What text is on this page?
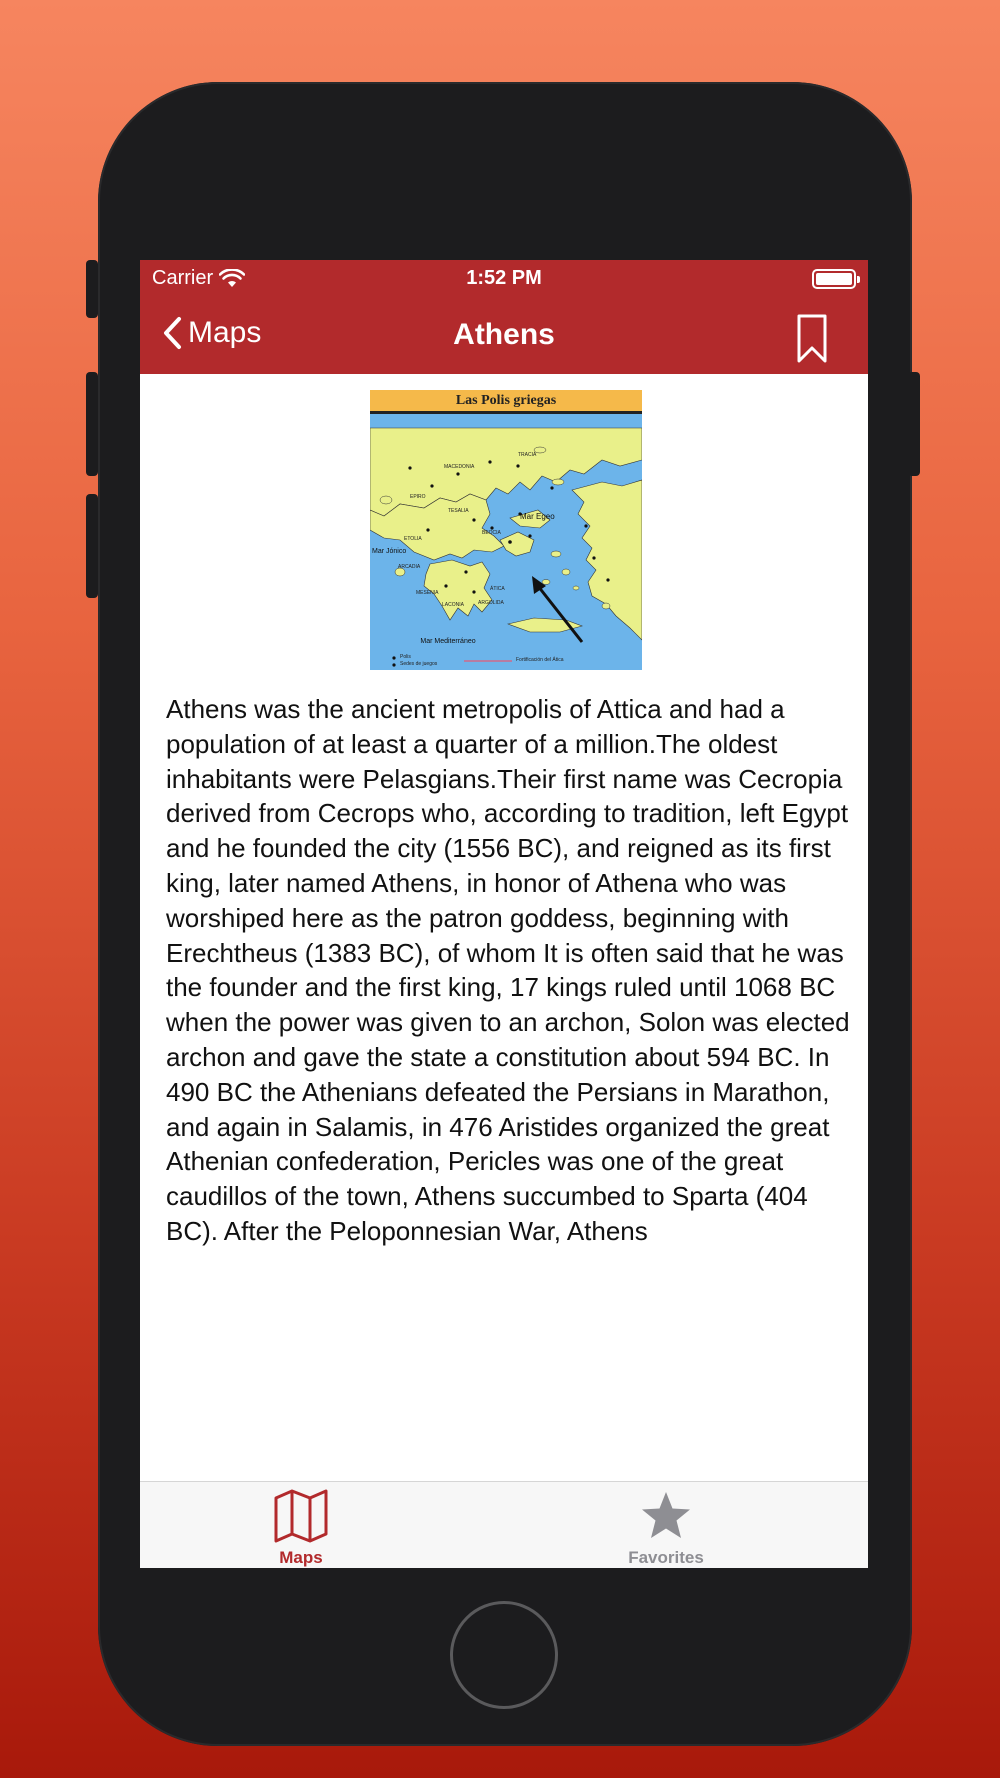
Carrier	1:52 PM
Maps	Athens
Las Polis griegas
Mar Egeo
Mar Jónico
Mar Mediterráneo
MACEDONIA
TRACIA
EPIRO
TESALIA
ETOLIA
BEOCIA
ARCADIA
ÁTICA
ARGOLIDA
LACONIA
MESENIA
Polis
Sedes de juegos
Fortificación del Ática
Athens was the ancient metropolis of Attica and had a population of at least a quarter of a million.The oldest inhabitants were Pelasgians.Their first name was Cecropia derived from Cecrops who, according to tradition, left Egypt and he founded the city (1556 BC), and reigned as its first king, later named Athens, in honor of Athena who was worshiped here as the patron goddess, beginning with Erechtheus (1383 BC), of whom It is often said that he was the founder and the first king, 17 kings ruled until 1068 BC when the power was given to an archon, Solon was elected archon and gave the state a constitution about 594 BC. In 490 BC the Athenians defeated the Persians in Marathon, and again in Salamis, in 476 Aristides organized the great Athenian confederation, Pericles was one of the great caudillos of the town, Athens succumbed to Sparta (404 BC). After the Peloponnesian War, Athens
Maps	Favorites
